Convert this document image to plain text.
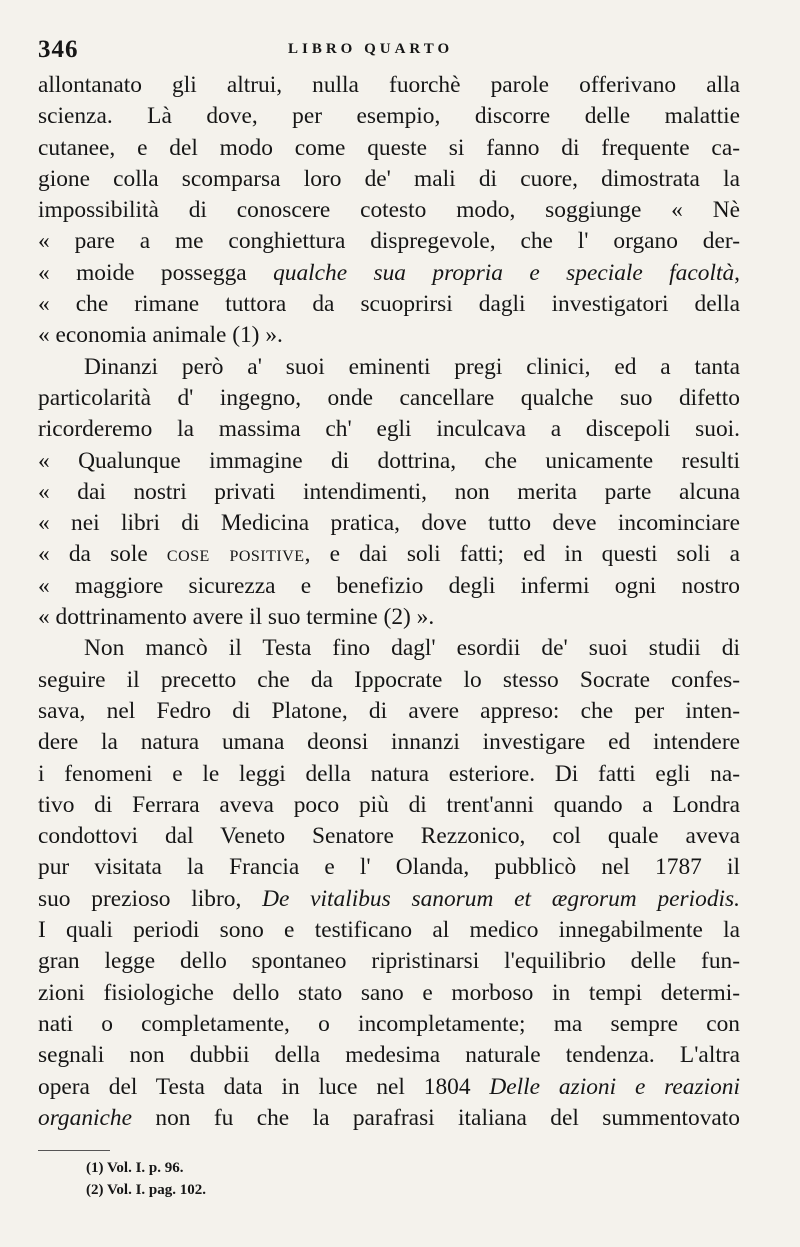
346	LIBRO QUARTO
allontanato gli altrui, nulla fuorchè parole offerivano alla
scienza. Là dove, per esempio, discorre delle malattie
cutanee, e del modo come queste si fanno di frequente ca-
gione colla scomparsa loro de' mali di cuore, dimostrata la
impossibilità di conoscere cotesto modo, soggiunge « Nè
« pare a me conghiettura dispregevole, che l' organo der-
« moide possegga qualche sua propria e speciale facoltà,
« che rimane tuttora da scuoprirsi dagli investigatori della
« economia animale (1) ».
Dinanzi però a' suoi eminenti pregi clinici, ed a tanta
particolarità d' ingegno, onde cancellare qualche suo difetto
ricorderemo la massima ch' egli inculcava a discepoli suoi.
« Qualunque immagine di dottrina, che unicamente resulti
« dai nostri privati intendimenti, non merita parte alcuna
« nei libri di Medicina pratica, dove tutto deve incominciare
« da sole cose positive, e dai soli fatti; ed in questi soli a
« maggiore sicurezza e benefizio degli infermi ogni nostro
« dottrinamento avere il suo termine (2) ».
Non mancò il Testa fino dagl' esordii de' suoi studii di
seguire il precetto che da Ippocrate lo stesso Socrate confes-
sava, nel Fedro di Platone, di avere appreso: che per inten-
dere la natura umana deonsi innanzi investigare ed intendere
i fenomeni e le leggi della natura esteriore. Di fatti egli na-
tivo di Ferrara aveva poco più di trent'anni quando a Londra
condottovi dal Veneto Senatore Rezzonico, col quale aveva
pur visitata la Francia e l' Olanda, pubblicò nel 1787 il
suo prezioso libro, De vitalibus sanorum et ægrorum periodis.
I quali periodi sono e testificano al medico innegabilmente la
gran legge dello spontaneo ripristinarsi l'equilibrio delle fun-
zioni fisiologiche dello stato sano e morboso in tempi determi-
nati o completamente, o incompletamente; ma sempre con
segnali non dubbii della medesima naturale tendenza. L'altra
opera del Testa data in luce nel 1804 Delle azioni e reazioni
organiche non fu che la parafrasi italiana del summentovato
(1) Vol. I. p. 96.
(2) Vol. I. pag. 102.
